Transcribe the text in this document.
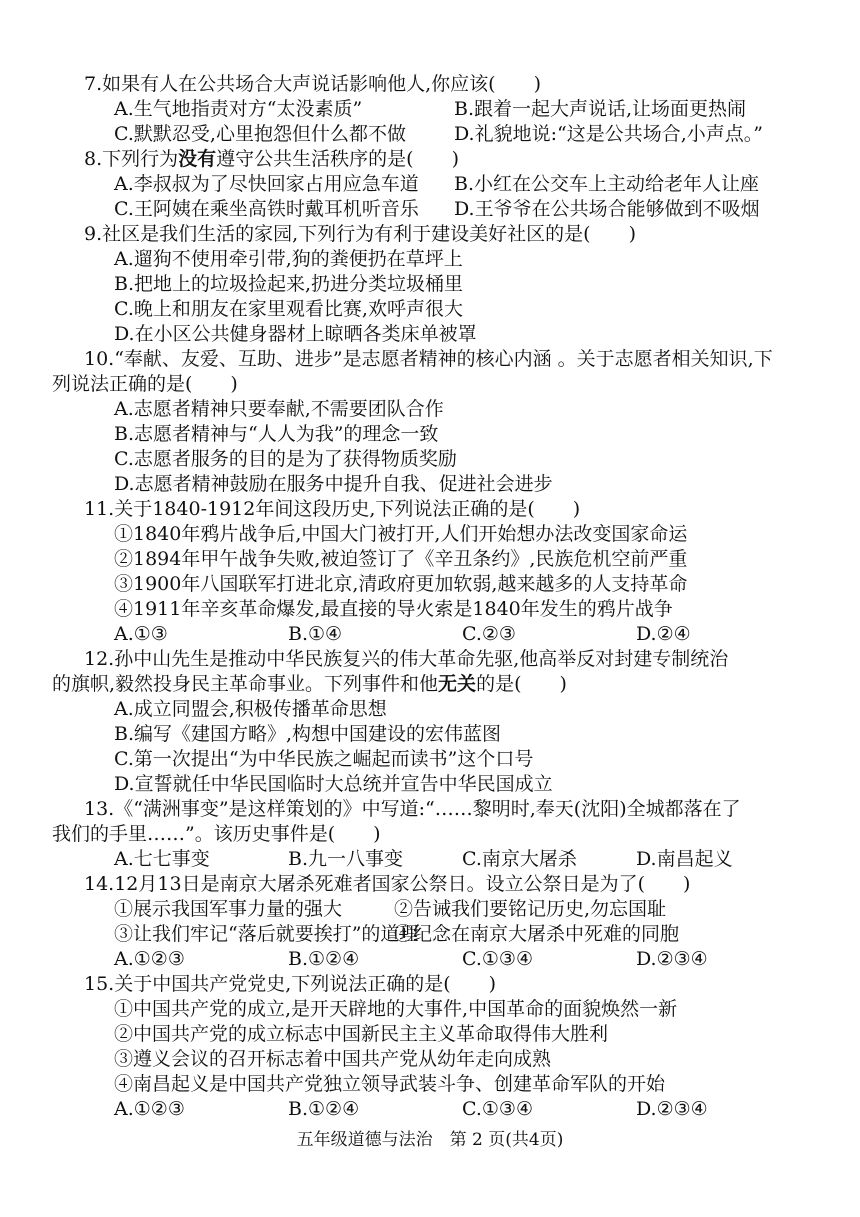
7.如果有人在公共场合大声说话影响他人,你应该(　　)
A.生气地指责对方“太没素质”	B.跟着一起大声说话,让场面更热闹
C.默默忍受,心里抱怨但什么都不做	D.礼貌地说:“这是公共场合,小声点。”
8.下列行为没有遵守公共生活秩序的是(　　)
A.李叔叔为了尽快回家占用应急车道	B.小红在公交车上主动给老年人让座
C.王阿姨在乘坐高铁时戴耳机听音乐	D.王爷爷在公共场合能够做到不吸烟
9.社区是我们生活的家园,下列行为有利于建设美好社区的是(　　)
A.遛狗不使用牵引带,狗的粪便扔在草坪上
B.把地上的垃圾捡起来,扔进分类垃圾桶里
C.晚上和朋友在家里观看比赛,欢呼声很大
D.在小区公共健身器材上晾晒各类床单被罩
10.“奉献、友爱、互助、进步”是志愿者精神的核心内涵 。关于志愿者相关知识,下
列说法正确的是(　　)
A.志愿者精神只要奉献,不需要团队合作
B.志愿者精神与“人人为我”的理念一致
C.志愿者服务的目的是为了获得物质奖励
D.志愿者精神鼓励在服务中提升自我、促进社会进步
11.关于1840-1912年间这段历史,下列说法正确的是(　　)
①1840年鸦片战争后,中国大门被打开,人们开始想办法改变国家命运
②1894年甲午战争失败,被迫签订了《辛丑条约》,民族危机空前严重
③1900年八国联军打进北京,清政府更加软弱,越来越多的人支持革命
④1911年辛亥革命爆发,最直接的导火索是1840年发生的鸦片战争
A.①③	B.①④	C.②③	D.②④
12.孙中山先生是推动中华民族复兴的伟大革命先驱,他高举反对封建专制统治
的旗帜,毅然投身民主革命事业。下列事件和他无关的是(　　)
A.成立同盟会,积极传播革命思想
B.编写《建国方略》,构想中国建设的宏伟蓝图
C.第一次提出“为中华民族之崛起而读书”这个口号
D.宣誓就任中华民国临时大总统并宣告中华民国成立
13.《“满洲事变”是这样策划的》中写道:“……黎明时,奉天(沈阳)全城都落在了
我们的手里……”。该历史事件是(　　)
A.七七事变	B.九一八事变	C.南京大屠杀	D.南昌起义
14.12月13日是南京大屠杀死难者国家公祭日。设立公祭日是为了(　　)
①展示我国军事力量的强大	②告诫我们要铭记历史,勿忘国耻
③让我们牢记“落后就要挨打”的道理
④纪念在南京大屠杀中死难的同胞
A.①②③	B.①②④	C.①③④	D.②③④
15.关于中国共产党党史,下列说法正确的是(　　)
①中国共产党的成立,是开天辟地的大事件,中国革命的面貌焕然一新
②中国共产党的成立标志中国新民主主义革命取得伟大胜利
③遵义会议的召开标志着中国共产党从幼年走向成熟
④南昌起义是中国共产党独立领导武装斗争、创建革命军队的开始
A.①②③	B.①②④	C.①③④	D.②③④
五年级道德与法治　第 2 页(共4页)
